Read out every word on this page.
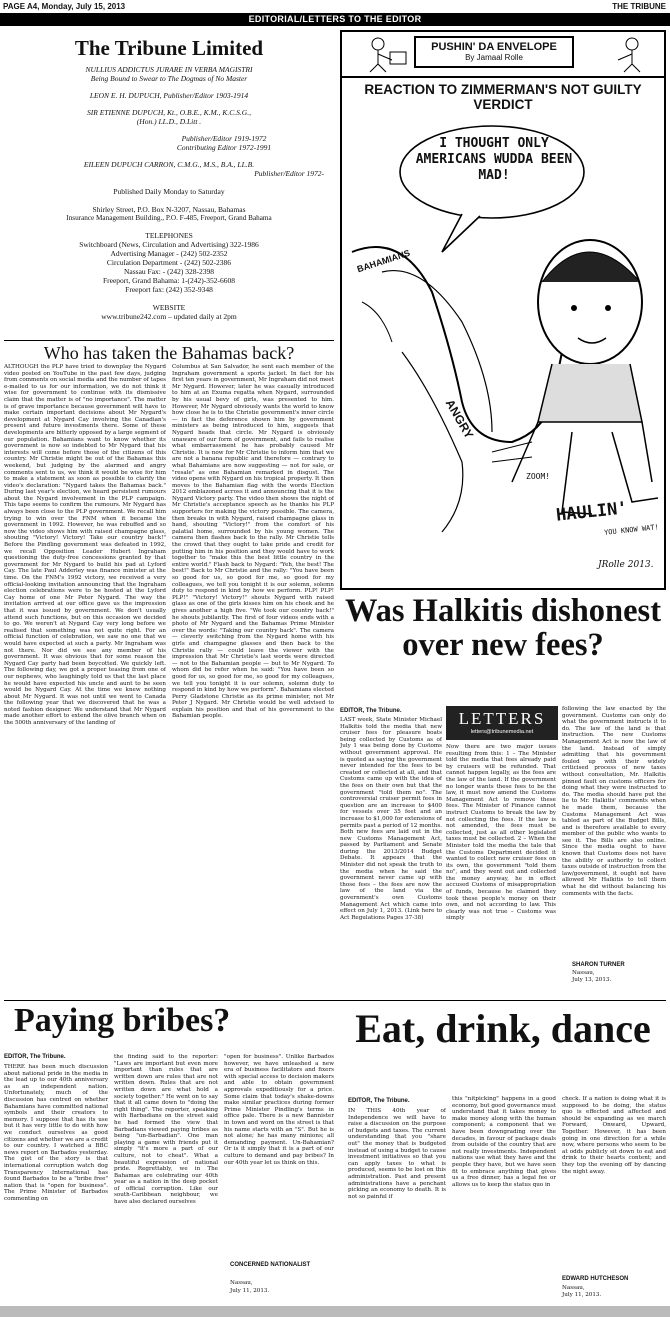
PAGE A4, Monday, July 15, 2013	THE TRIBUNE
EDITORIAL/LETTERS TO THE EDITOR
The Tribune Limited
NULLIUS ADDICTUS JURARE IN VERBA MAGISTRI
Being Bound to Swear to The Dogmas of No Master
LEON E. H. DUPUCH, Publisher/Editor 1903-1914
SIR ETIENNE DUPUCH, Kt., O.B.E., K.M., K.C.S.G.,
(Hon.) LL.D., D.Litt .
Publisher/Editor 1919-1972
Contributing Editor 1972-1991
EILEEN DUPUCH CARRON, C.M.G., M.S., B.A., LL.B.
Publisher/Editor 1972-
Published Daily Monday to Saturday
Shirley Street, P.O. Box N-3207, Nassau, Bahamas
Insurance Management Building., P.O. F-485, Freeport, Grand Bahama
TELEPHONES
Switchboard (News, Circulation and Advertising) 322-1986
Advertising Manager - (242) 502-2352
Circulation Department - (242) 502-2386
Nassau Fax: - (242) 328-2398
Freeport, Grand Bahama: 1-(242)-352-6608
Freeport fax: (242) 352-9348
WEBSITE
www.tribune242.com – updated daily at 2pm
Who has taken the Bahamas back?
ALTHOUGH the PLP have tried to downplay the Nygard video posted on YouTube in the past few days, judging from comments on social media and the number of tapes e-mailed to us for our information, we do not think it wise for government to continue with its dismissive claim that the matter is of "no importance". The matter is of grave importance because government will have to make certain important decisions about Mr Nygard's development at Nygard Cay involving the Canadian's present and future investments there. Some of these developments are bitterly opposed by a large segment of our population. Bahamians want to know whether its government is now so indebted to Mr Nygard that his interests will come before those of the citizens of this country. Mr Christie might be out of the Bahamas this weekend, but judging by the alarmed and angry comments sent to us, we think it would be wise for him to make a statement as soon as possible to clarify the video's declaration: "Nygard takes the Bahamas back." During last year's election, we heard persistent rumours about the Nygard involvement in the PLP campaign. This tape seems to confirm the rumours. Mr Nygard has always been close to the PLP government. We recall him trying to win over the FNM when it became the government in 1992. However, he was rebuffed and so now the video shows him with raised champagne glass, shouting "Victory! Victory! Take our country back!" Before the Pindling government was defeated in 1992, we recall Opposition Leader Hubert Ingraham questioning the duty-free concessions granted by that government for Mr Nygard to build his pad at Lyford Cay. The late Paul Adderley was finance minister at the time. On the FNM's 1992 victory, we received a very official-looking invitation announcing that the Ingraham election celebrations were to be hosted at the Lyford Cay home of one Mr Peter Nygard. The way the invitation arrived at our office gave us the impression that it was issued by government. We don't usually attend such functions, but on this occasion we decided to go. We weren't at Nygard Cay very long before we realised that something was not quite right. For an official function of celebration, we saw no one that we would have expected at such a party. Mr Ingraham was not there. Nor did we see any member of his government. It was obvious that for some reason the Nygard Cay party had been boycotted. We quickly left. The following day, we got a proper teasing from one of our nephews, who laughingly told us that the last place he would have expected his uncle and aunt to be seen would be Nygard Cay. At the time we knew nothing about Mr Nygard. It was not until we went to Canada the following year that we discovered that he was a noted fashion designer. We understand that Mr Nygard made another effort to extend the olive branch when on the 500th anniversary of the landing of
Columbus at San Salvador, he sent each member of the Ingraham government a sports jacket. In fact for his first ten years in government, Mr Ingraham did not meet Mr Nygard. However, later he was casually introduced to him at an Exuma regatta when Nygard, surrounded by his usual bevy of girls, was presented to him. However, Mr Nygard obviously wants the world to know how close he is to the Christie government's inner circle — in fact the deference shown him by government ministers as being introduced to him, suggests that Nygard heads that circle. Mr Nygard is obviously unaware of our form of government, and fails to realise what embarrassment he has probably caused Mr Christie. It is now for Mr Christie to inform him that we are not a banana republic and therefore — contrary to what Bahamians are now suggesting — not for sale, or "resale" as one Bahamian remarked in disgust. The video opens with Nygard on his tropical property. It then moves to the Bahamian flag with the words Election 2012 emblazoned across it and announcing that it is the Nygard Victory party. The video then shows the night of Mr Christie's acceptance speech as he thanks his PLP supporters for making the victory possible. The camera, then breaks in with Nygard, raised champagne glass in hand, shouting "Victory!" from the comfort of his palatial home, surrounded by his young women. The camera then flashes back to the rally. Mr Christie tells the crowd that they ought to take pride and credit for putting him in his position and they would have to work together to "make this the best little country in the entire world." Flash back to Nygard: "Yeh, the best! The best!" Back to Mr Christie and the rally: "You have been so good for us, so good for me, so good for my colleagues, we tell you tonight it is our solemn, solemn duty to respond in kind by how we perform. PLP! PLP! PLP!" "Victory! Victory!" shouts Nygard with raised glass as one of the girls kisses him on his cheek and he gives another a high five. "We took our country back!" he shouts jubilantly. The first of four videos ends with a photo of Mr Nygard and the Bahamas Prime Minister over the words: "Taking our country back". The camera — cleverly switching from the Nygard home with his girls and champagne glasses and then back to the Christie rally — could leave the viewer with the impression that Mr Christie's last words were directed — not to the Bahamian people — but to Mr Nygard. To whom did he refer when he said: "You have been so good for us, so good for me, so good for my colleagues, we tell you tonight it is our solemn, solemn duty to respond in kind by how we perform". Bahamians elected Perry Gladstone Christie as its prime minister, not Mr Peter J Nygard. Mr Christie would be well advised to explain his position and that of his government to the Bahamian people.
PUSHIN' DA ENVELOPE
By Jamaal Rolle
REACTION TO ZIMMERMAN'S NOT GUILTY VERDICT
I THOUGHT ONLY AMERICANS WUDDA BEEN MAD!
BAHAMIANS
ANGRY
ZOOM!
HAULIN'
YOU KNOW WAT!
JRolle 2013.
Was Halkitis dishonest over new fees?
EDITOR, The Tribune.
LAST week, State Minister Michael Halkitis told the media that new cruiser fees for pleasure boats being collected by Customs as of July 1 was being done by Customs without government approval. He is quoted as saying the government never intended for the fees to be created or collected at all, and that Customs came up with the idea of the fees on their own but that the government "told them no". The controversial cruiser permit fees in question are an increase to $400 for vessels over 35 feet and an increase to $1,000 for extensions of permits past a period of 12 months. Both new fees are laid out in the new Customs Management Act, passed by Parliament and Senate during the 2013/2014 Budget Debate. It appears that the Minister did not speak the truth to the media when he said the government never came up with those fees – the fees are now the law of the land via the government's own Customs Management Act which came into effect on July 1, 2013. (Link here to Act Regulations Pages 37-38)
LETTERS
letters@tribunemedia.net
Now there are two major issues resulting from this: 1 – The Minister told the media that fees already paid by cruisers will be refunded. That cannot happen legally, as the fees are the law of the land. If the government no longer wants these fees to be the law, it must now amend the Customs Management Act to remove these fees. The Minister of Finance cannot instruct Customs to break the law by not collecting the fees. If the law is not amended, the fees must be collected, just as all other legislated taxes must be collected. 2 – When the Minister told the media the tale that the Customs Department decided it wanted to collect new cruiser fees on its own, the government "told them no", and they went out and collected the money anyway, he in effect accused Customs of misappropriation of funds, because he claimed they took these people's money on their own, and not according to law. This clearly was not true – Customs was simply
following the law enacted by the government. Customs can only do what the government instructs it to do. The law of the land is that instruction. The new Customs Management Act is now the law of the land. Instead of simply admitting that his government fouled up with their widely criticised process of new taxes without consultation, Mr. Halkitis pinned fault on customs officers for doing what they were instructed to do. The media should have put the lie to Mr. Halkitis' comments when he made them, because the Customs Management Act was tabled as part of the Budget Bills, and is therefore available to every member of the public who wants to see it. The Bills are also online. Since the media ought to have known that Customs does not have the ability or authority to collect taxes outside of instruction from the law/government, it ought not have allowed Mr Halkitis to tell them what he did without balancing his comments with the facts.
SHARON TURNER
Nassau,
July 13, 2013.
Paying bribes?
EDITOR, The Tribune.
THERE has been much discussion about national pride in the media in the lead up to our 40th anniversary as an independent nation. Unfortunately, much of the discussion has centred on whether Bahamians have committed national symbols and their creators to memory. I suppose that has its use but it has very little to do with how we conduct ourselves as good citizens and whether we are a credit to our country. I watched a BBC news report on Barbados yesterday. The gist of the story is that international corruption watch dog Transparency International has found Barbados to be a "bribe free" nation that is "open for business". The Prime Minister of Barbados commenting on
the finding said to the reporter: "Laws are important but even more important than rules that are written down are rules that are not written down. Rules that are not written down are what hold a society together." He went on to say that it all came down to "doing the right thing". The reporter, speaking with Barbadians on the street said he had formed the view that Barbadians viewed paying bribes as being "un-Barbadian". One man playing a game with friends put it simply "it's more a part of our culture, not to cheat". What a beautiful expression of national pride. Regrettably, we in The Bahamas are celebrating our 40th year as a nation in the deep pocket of official corruption. Like our south-Caribbean neighbour, we have also declared ourselves
"open for business". Unlike Barbados however, we have unleashed a new era of business facilitators and fixers with special access to decision makers and able to obtain government approvals expeditiously for a price. Some claim that today's shake-downs make similar practices during former Prime Minister Pindling's terms in office pale. There is a new Bannister in town and word on the street is that his name starts with an "S". But he is not alone; he has many minions; all demanding payment. Un-Bahamian? Or is it simply that it is a part of our culture to demand and pay bribes? In our 40th year let us think on this.
CONCERNED NATIONALIST
Nassau,
July 11, 2013.
Eat, drink, dance
EDITOR, The Tribune.
IN THIS 40th year of Independence we will have to raise a discussion on the purpose of budgets and taxes. The current understanding that you "share out" the money that is budgeted instead of using a budget to cause investment initiatives so that you can apply taxes to what is produced, seems to be lost on this administration. Past and present administrations have a penchant picking an economy to death. It is not so painful if
this "nitpicking" happens in a good economy, but good governance must understand that it takes money to make money along with the human component; a component that we have been downgrading over the decades, in favour of package deals from outside of the country that are not really investments. Independent nations use what they have and the people they have, but we have seen fit to embrace anything that gives us a free dinner, has a legal fee or allows us to keep the status quo in
check. If a nation is doing what it is supposed to be doing, the status quo is effected and affected and should be expanding as we march Forward, Onward, Upward, Together. However, it has been going in one direction for a while now, where persons who seem to be at odds publicly sit down to eat and drink to their hearts content; and they top the evening off by dancing the night away.
EDWARD HUTCHESON
Nassau,
July 11, 2013.
